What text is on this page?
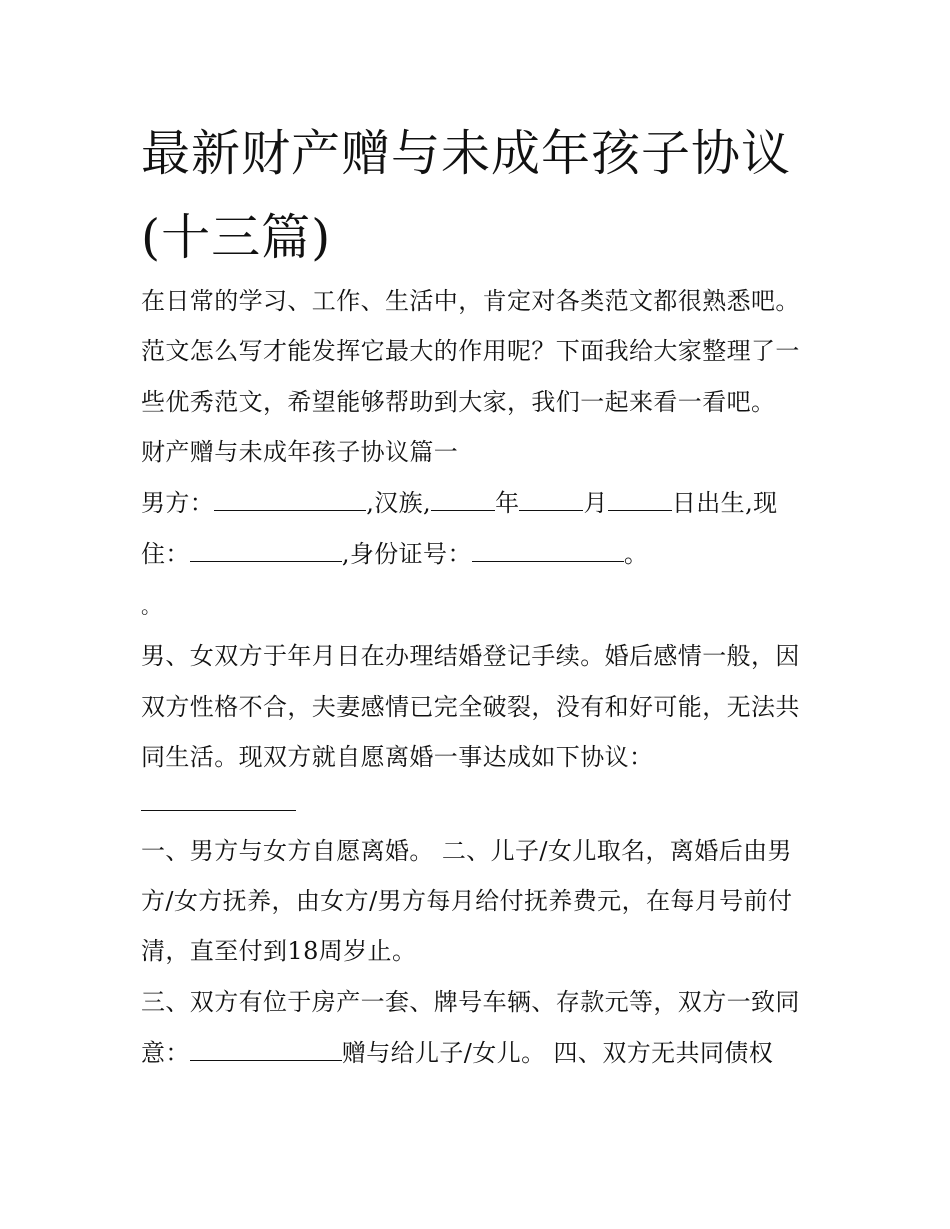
最新财产赠与未成年孩子协议
(十三篇)
在日常的学习、工作、生活中，肯定对各类范文都很熟悉吧。
范文怎么写才能发挥它最大的作用呢？下面我给大家整理了一
些优秀范文，希望能够帮助到大家，我们一起来看一看吧。
财产赠与未成年孩子协议篇一
男方：	,汉族,	年	月	日出生,现
住：	,身份证号：	。
。
男、女双方于年月日在办理结婚登记手续。婚后感情一般，因
双方性格不合，夫妻感情已完全破裂，没有和好可能，无法共
同生活。现双方就自愿离婚一事达成如下协议：
一、男方与女方自愿离婚。 二、儿子/女儿取名，离婚后由男
方/女方抚养，由女方/男方每月给付抚养费元，在每月号前付
清，直至付到18周岁止。
三、双方有位于房产一套、牌号车辆、存款元等，双方一致同
意：	赠与给儿子/女儿。 四、双方无共同债权
